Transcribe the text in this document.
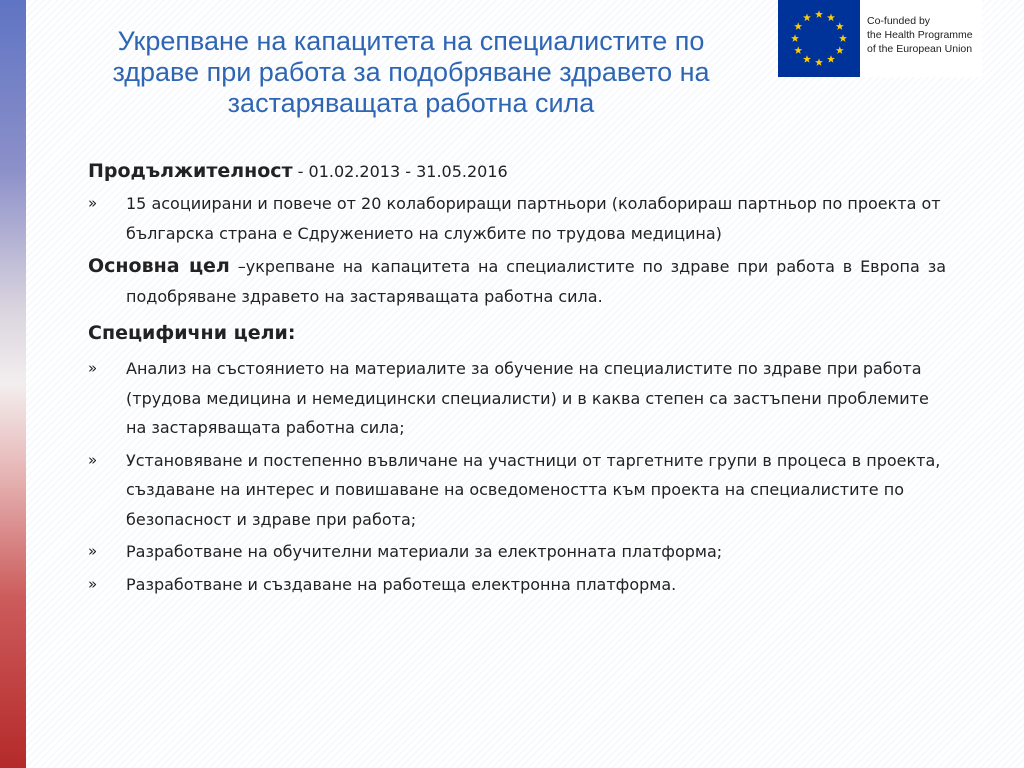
Укрепване на капацитета на специалистите по
здраве при работа за подобряване здравето на
застаряващата работна сила
Co-funded by
the Health Programme
of the European Union

Продължителност - 01.02.2013 - 31.05.2016

» 15 асоциирани и повече от 20 колабориращи партньори (колаборираш партньор по проекта от българска страна е Сдружението на службите по трудова медицина)

Основна цел –укрепване на капацитета на специалистите по здраве при работа в Европа за подобряване здравето на застаряващата работна сила.

Специфични цели:

» Анализ на състоянието на материалите за обучение на специалистите по здраве при работа (трудова медицина и немедицински специалисти) и в каква степен са застъпени проблемите на застаряващата работна сила;
» Установяване и постепенно въвличане на участници от таргетните групи в процеса в проекта, създаване на интерес и повишаване на осведомеността към проекта на специалистите по безопасност и здраве при работа;
» Разработване на обучителни материали за електронната платформа;
» Разработване и създаване на работеща електронна платформа.
